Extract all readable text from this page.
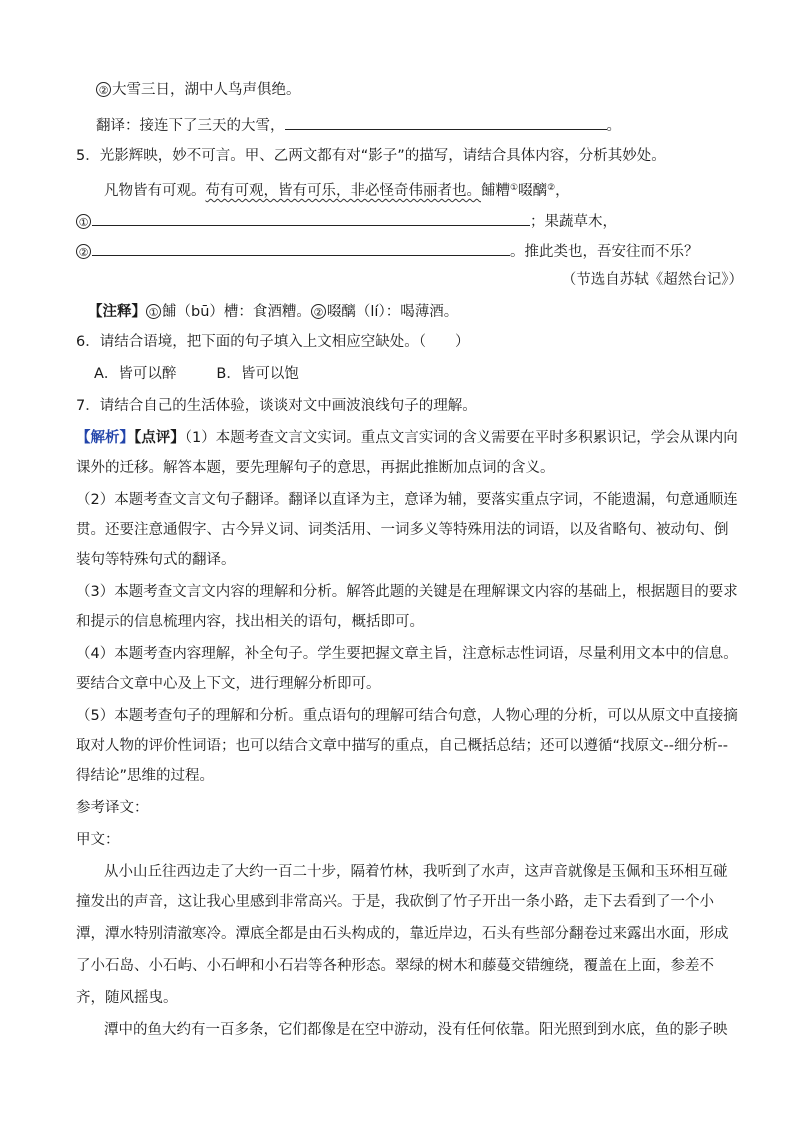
② 大雪三日，湖中人鸟声俱绝。
翻译：接连下了三天的大雪，	。
5．光影辉映，妙不可言。甲、乙两文都有对“影子”的描写，请结合具体内容，分析其妙处。
凡物皆有可观。苟有可观，皆有可乐，非必怪奇伟丽者也。餔糟①啜醨②，
①	；果蔬草木，
②	。推此类也，吾安往而不乐？
（节选自苏轼《超然台记》）
【注释】 ① 餔（bū）槽：食酒糟。 ② 啜醨（lí）：喝薄酒。
6．请结合语境，把下面的句子填入上文相应空缺处。（　　）
A．皆可以醉	B．皆可以饱
7．请结合自己的生活体验，谈谈对文中画波浪线句子的理解。
【解析】【点评】（1）本题考查文言文实词。重点文言实词的含义需要在平时多积累识记，学会从课内向
课外的迁移。解答本题，要先理解句子的意思，再据此推断加点词的含义。
（2）本题考查文言文句子翻译。翻译以直译为主，意译为辅，要落实重点字词，不能遗漏，句意通顺连
贯。还要注意通假字、古今异义词、词类活用、一词多义等特殊用法的词语，以及省略句、被动句、倒
装句等特殊句式的翻译。
（3）本题考查文言文内容的理解和分析。解答此题的关键是在理解课文内容的基础上，根据题目的要求
和提示的信息梳理内容，找出相关的语句，概括即可。
（4）本题考查内容理解，补全句子。学生要把握文章主旨，注意标志性词语，尽量利用文本中的信息。
要结合文章中心及上下文，进行理解分析即可。
（5）本题考查句子的理解和分析。重点语句的理解可结合句意，人物心理的分析，可以从原文中直接摘
取对人物的评价性词语；也可以结合文章中描写的重点，自己概括总结；还可以遵循“找原文--细分析--
得结论”思维的过程。
参考译文：
甲文：
从小山丘往西边走了大约一百二十步，隔着竹林，我听到了水声，这声音就像是玉佩和玉环相互碰
撞发出的声音，这让我心里感到非常高兴。于是，我砍倒了竹子开出一条小路，走下去看到了一个小
潭，潭水特别清澈寒冷。潭底全都是由石头构成的，靠近岸边，石头有些部分翻卷过来露出水面，形成
了小石岛、小石屿、小石岬和小石岩等各种形态。翠绿的树木和藤蔓交错缠绕，覆盖在上面，参差不
齐，随风摇曳。
潭中的鱼大约有一百多条，它们都像是在空中游动，没有任何依靠。阳光照到到水底，鱼的影子映
